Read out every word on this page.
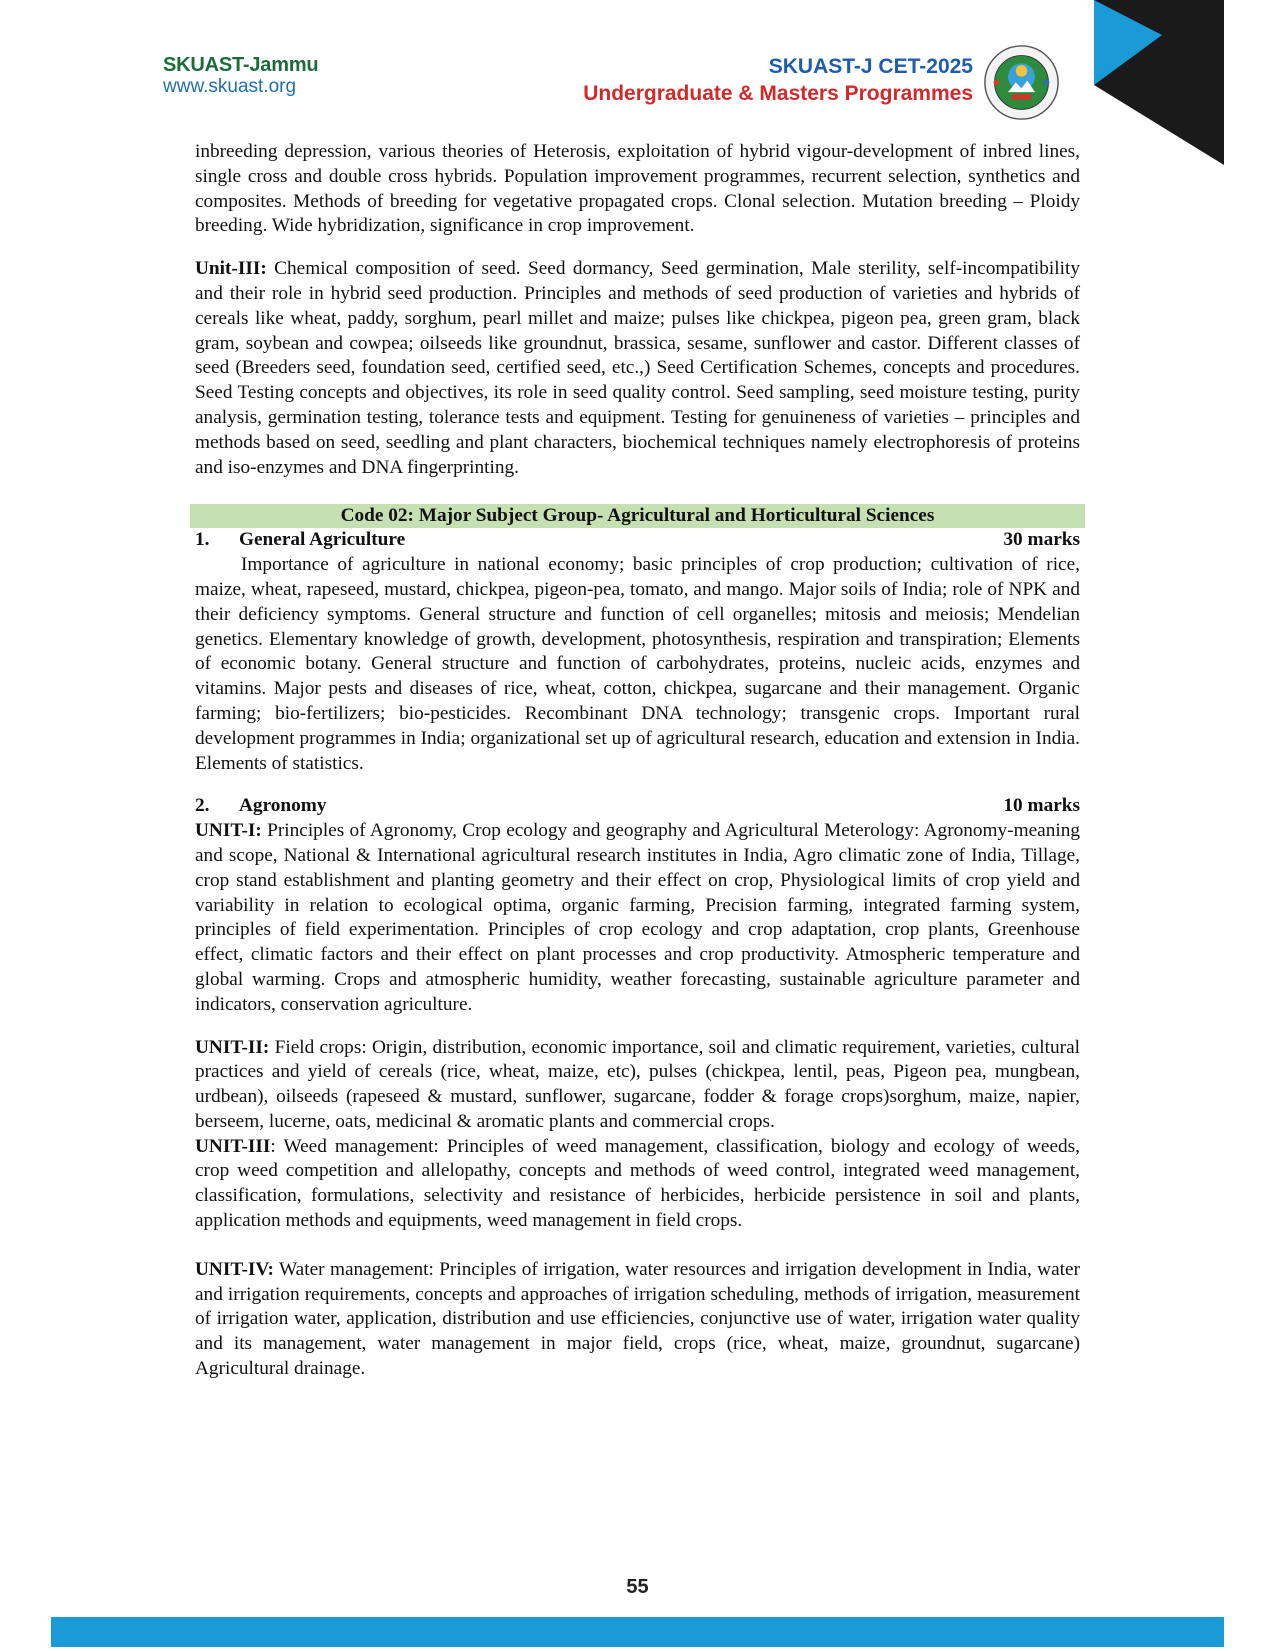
SKUAST-Jammu
www.skuast.org
SKUAST-J CET-2025
Undergraduate & Masters Programmes

inbreeding depression, various theories of Heterosis, exploitation of hybrid vigour-development of inbred lines, single cross and double cross hybrids. Population improvement programmes, recurrent selection, synthetics and composites. Methods of breeding for vegetative propagated crops. Clonal selection. Mutation breeding – Ploidy breeding. Wide hybridization, significance in crop improvement.

Unit-III: Chemical composition of seed. Seed dormancy, Seed germination, Male sterility, self-incompatibility and their role in hybrid seed production. Principles and methods of seed production of varieties and hybrids of cereals like wheat, paddy, sorghum, pearl millet and maize; pulses like chickpea, pigeon pea, green gram, black gram, soybean and cowpea; oilseeds like groundnut, brassica, sesame, sunflower and castor. Different classes of seed (Breeders seed, foundation seed, certified seed, etc.,) Seed Certification Schemes, concepts and procedures. Seed Testing concepts and objectives, its role in seed quality control. Seed sampling, seed moisture testing, purity analysis, germination testing, tolerance tests and equipment. Testing for genuineness of varieties – principles and methods based on seed, seedling and plant characters, biochemical techniques namely electrophoresis of proteins and iso-enzymes and DNA fingerprinting.

Code 02: Major Subject Group- Agricultural and Horticultural Sciences
1. General Agriculture	30 marks

Importance of agriculture in national economy; basic principles of crop production; cultivation of rice, maize, wheat, rapeseed, mustard, chickpea, pigeon-pea, tomato, and mango. Major soils of India; role of NPK and their deficiency symptoms. General structure and function of cell organelles; mitosis and meiosis; Mendelian genetics. Elementary knowledge of growth, development, photosynthesis, respiration and transpiration; Elements of economic botany. General structure and function of carbohydrates, proteins, nucleic acids, enzymes and vitamins. Major pests and diseases of rice, wheat, cotton, chickpea, sugarcane and their management. Organic farming; bio-fertilizers; bio-pesticides. Recombinant DNA technology; transgenic crops. Important rural development programmes in India; organizational set up of agricultural research, education and extension in India. Elements of statistics.

2. Agronomy	10 marks

UNIT-I: Principles of Agronomy, Crop ecology and geography and Agricultural Meterology: Agronomy-meaning and scope, National & International agricultural research institutes in India, Agro climatic zone of India, Tillage, crop stand establishment and planting geometry and their effect on crop, Physiological limits of crop yield and variability in relation to ecological optima, organic farming, Precision farming, integrated farming system, principles of field experimentation. Principles of crop ecology and crop adaptation, crop plants, Greenhouse effect, climatic factors and their effect on plant processes and crop productivity. Atmospheric temperature and global warming. Crops and atmospheric humidity, weather forecasting, sustainable agriculture parameter and indicators, conservation agriculture.

UNIT-II: Field crops: Origin, distribution, economic importance, soil and climatic requirement, varieties, cultural practices and yield of cereals (rice, wheat, maize, etc), pulses (chickpea, lentil, peas, Pigeon pea, mungbean, urdbean), oilseeds (rapeseed & mustard, sunflower, sugarcane, fodder & forage crops)sorghum, maize, napier, berseem, lucerne, oats, medicinal & aromatic plants and commercial crops.

UNIT-III: Weed management: Principles of weed management, classification, biology and ecology of weeds, crop weed competition and allelopathy, concepts and methods of weed control, integrated weed management, classification, formulations, selectivity and resistance of herbicides, herbicide persistence in soil and plants, application methods and equipments, weed management in field crops.

UNIT-IV: Water management: Principles of irrigation, water resources and irrigation development in India, water and irrigation requirements, concepts and approaches of irrigation scheduling, methods of irrigation, measurement of irrigation water, application, distribution and use efficiencies, conjunctive use of water, irrigation water quality and its management, water management in major field, crops (rice, wheat, maize, groundnut, sugarcane) Agricultural drainage.

55
